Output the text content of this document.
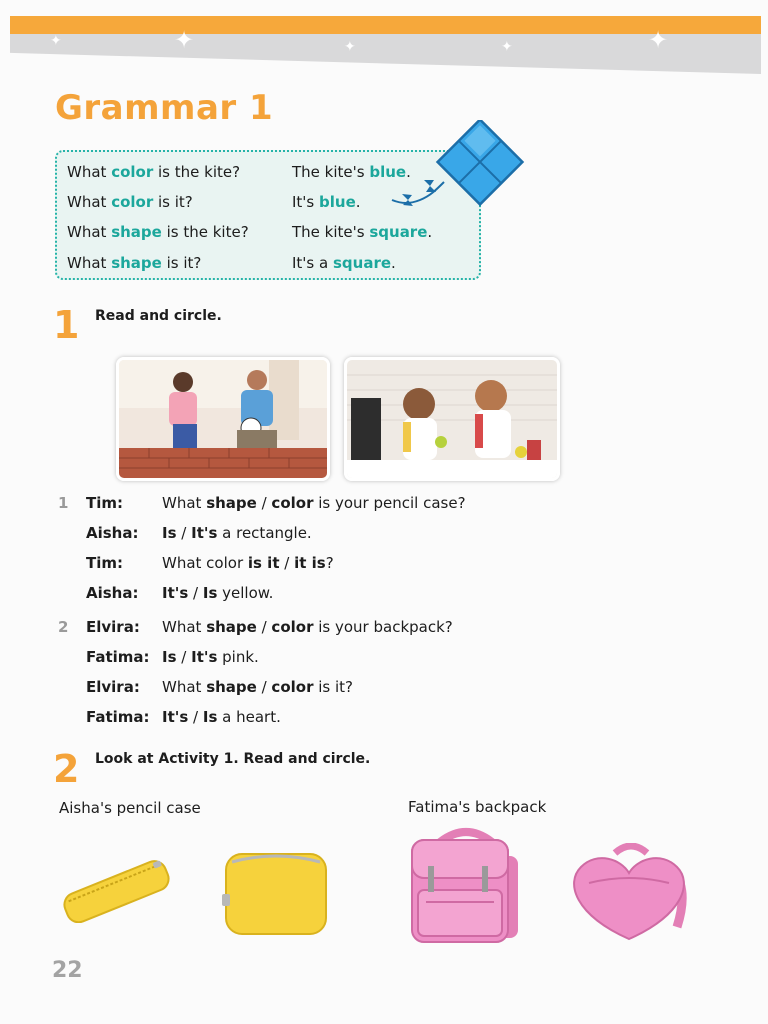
✦	✦	✦	✦	✦
Grammar 1
What color is the kite?	The kite's blue.
What color is it?	It's blue.
What shape is the kite?	The kite's square.
What shape is it?	It's a square.
1 Read and circle.
1 Tim:	What shape / color is your pencil case?
Aisha: Is / It's a rectangle.
Tim:	What color is it / it is?
Aisha: It's / Is yellow.
2 Elvira: What shape / color is your backpack?
Fatima: Is / It's pink.
Elvira: What shape / color is it?
Fatima: It's / Is a heart.
2 Look at Activity 1. Read and circle.
Aisha's pencil case	Fatima's backpack
22
